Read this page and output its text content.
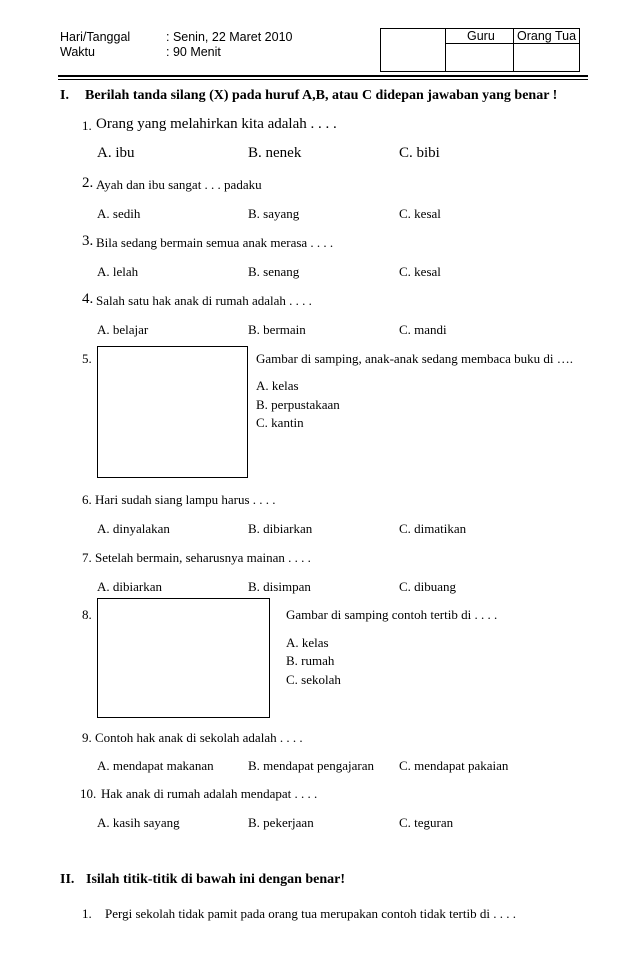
Hari/Tanggal	: Senin, 22 Maret 2010
Waktu	: 90 Menit
Guru Orang Tua
I. Berilah tanda silang (X) pada huruf A,B, atau C didepan jawaban yang benar !
1. Orang yang melahirkan kita adalah . . . .
A. ibu	B. nenek	C. bibi
2. Ayah dan ibu sangat . . . padaku
A. sedih	B. sayang	C. kesal
3. Bila sedang bermain semua anak merasa . . . .
A. lelah	B. senang	C. kesal
4. Salah satu hak anak di rumah adalah . . . .
A. belajar	B. bermain	C. mandi
5.	Gambar di samping, anak-anak sedang membaca buku di ….
A. kelas
B. perpustakaan
C. kantin
6. Hari sudah siang lampu harus . . . .
A. dinyalakan	B. dibiarkan	C. dimatikan
7. Setelah bermain, seharusnya mainan . . . .
A. dibiarkan	B. disimpan	C. dibuang
8.	Gambar di samping contoh tertib di . . . .
A. kelas
B. rumah
C. sekolah
9. Contoh hak anak di sekolah adalah . . . .
A. mendapat makanan	B. mendapat pengajaran C. mendapat pakaian
10. Hak anak di rumah adalah mendapat . . . .
A. kasih sayang	B. pekerjaan	C. teguran
II. Isilah titik-titik di bawah ini dengan benar!
1. Pergi sekolah tidak pamit pada orang tua merupakan contoh tidak tertib di . . . .
